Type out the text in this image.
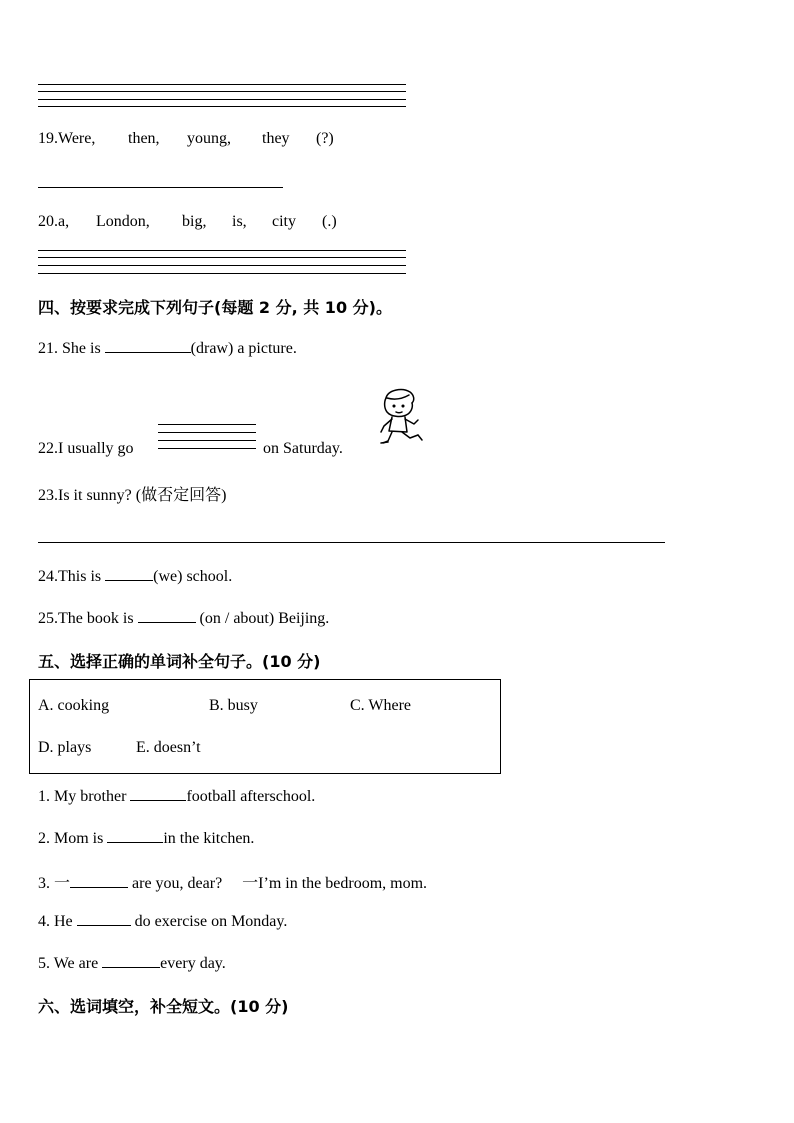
19.Were, then, young, they (?)
20.a, London, big, is, city (.)
四、按要求完成下列句子(每题 2 分, 共 10 分)。
21. She is	(draw) a picture.
22.I usually go	on Saturday.
23.Is it sunny? (做否定回答)
24.This is	(we) school.
25.The book is	(on / about) Beijing.
五、选择正确的单词补全句子。(10 分)
A. cooking	B. busy	C. Where
D. plays	E. doesn’t
1. My brother	football afterschool.
2. Mom is	in the kitchen.
3. 一	are you, dear?     一I’m in the bedroom, mom.
4. He	do exercise on Monday.
5. We are	every day.
六、选词填空，补全短文。(10 分)
